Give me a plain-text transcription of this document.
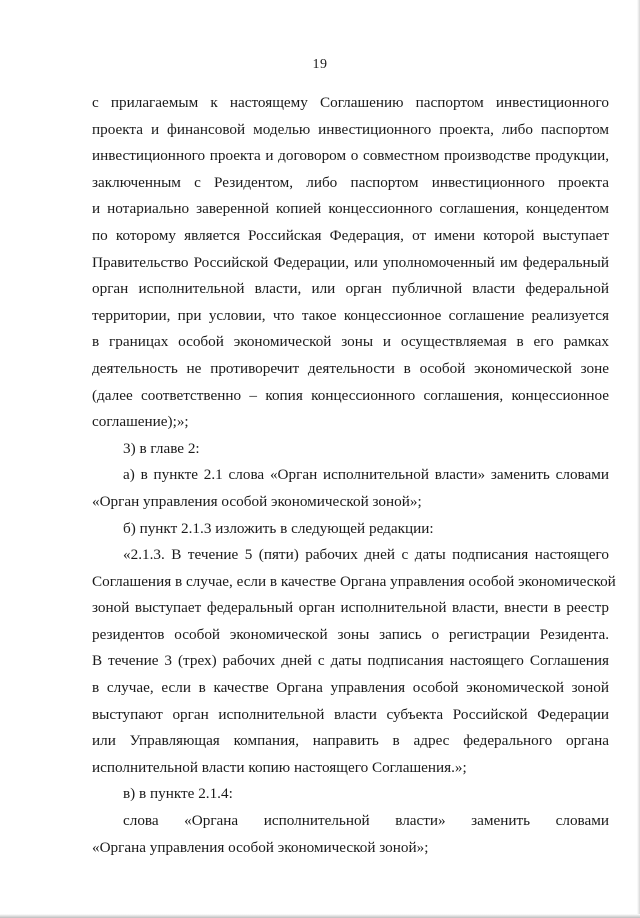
19
с прилагаемым к настоящему Соглашению паспортом инвестиционного
проекта и финансовой моделью инвестиционного проекта, либо паспортом
инвестиционного проекта и договором о совместном производстве продукции,
заключенным с Резидентом, либо паспортом инвестиционного проекта
и нотариально заверенной копией концессионного соглашения, концедентом
по которому является Российская Федерация, от имени которой выступает
Правительство Российской Федерации, или уполномоченный им федеральный
орган исполнительной власти, или орган публичной власти федеральной
территории, при условии, что такое концессионное соглашение реализуется
в границах особой экономической зоны и осуществляемая в его рамках
деятельность не противоречит деятельности в особой экономической зоне
(далее соответственно – копия концессионного соглашения, концессионное
соглашение);»;
3) в главе 2:
а) в пункте 2.1 слова «Орган исполнительной власти» заменить словами
«Орган управления особой экономической зоной»;
б) пункт 2.1.3 изложить в следующей редакции:
«2.1.3. В течение 5 (пяти) рабочих дней с даты подписания настоящего
Соглашения в случае, если в качестве Органа управления особой экономической
зоной выступает федеральный орган исполнительной власти, внести в реестр
резидентов особой экономической зоны запись о регистрации Резидента.
В течение 3 (трех) рабочих дней с даты подписания настоящего Соглашения
в случае, если в качестве Органа управления особой экономической зоной
выступают орган исполнительной власти субъекта Российской Федерации
или Управляющая компания, направить в адрес федерального органа
исполнительной власти копию настоящего Соглашения.»;
в) в пункте 2.1.4:
слова «Органа исполнительной власти» заменить словами
«Органа управления особой экономической зоной»;
